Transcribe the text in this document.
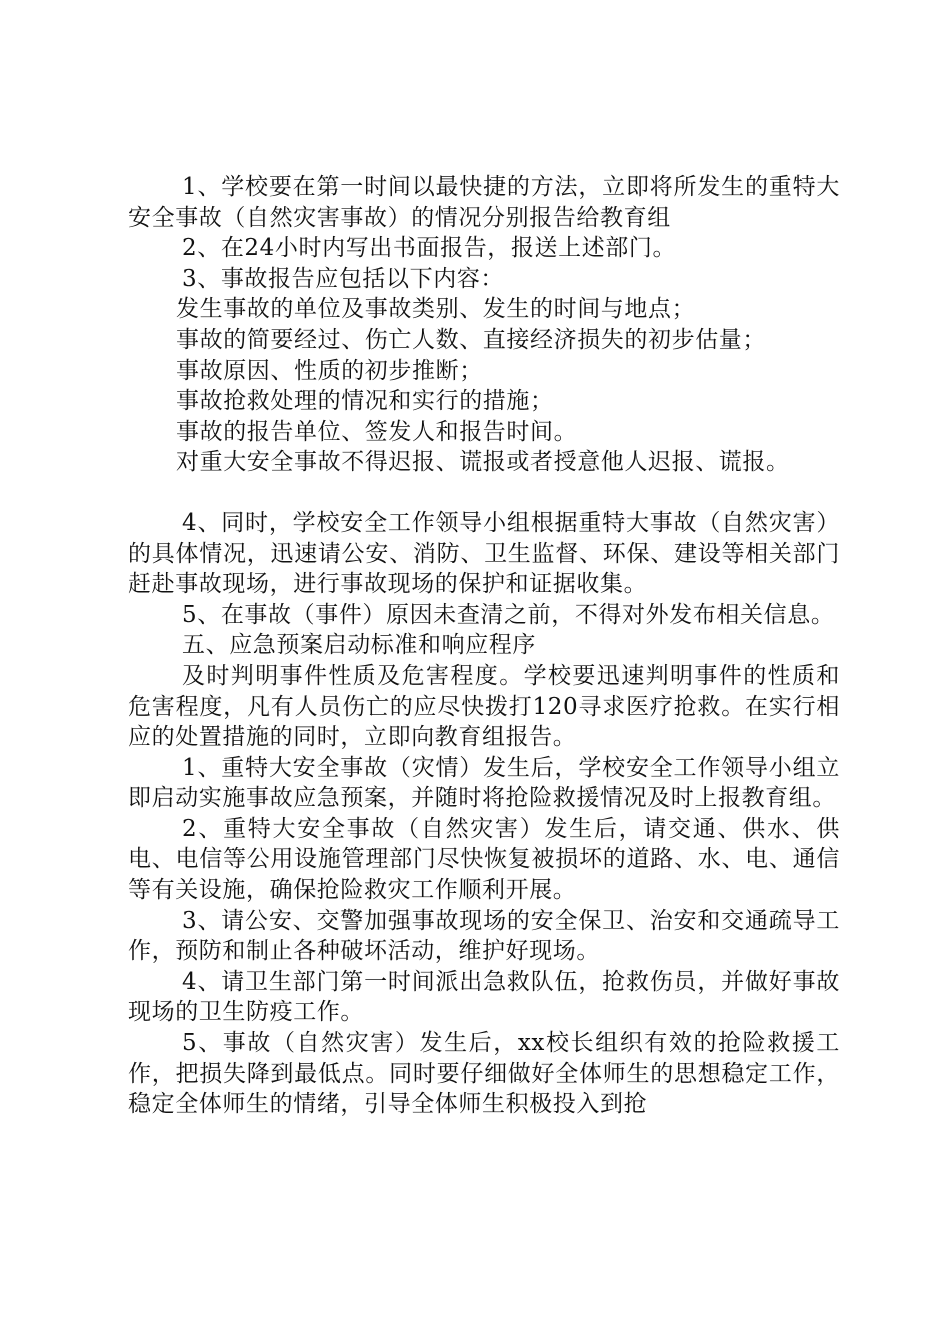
1、学校要在第一时间以最快捷的方法，立即将所发生的重特大安全事故（自然灾害事故）的情况分别报告给教育组

2、在24小时内写出书面报告，报送上述部门。

3、事故报告应包括以下内容：

发生事故的单位及事故类别、发生的时间与地点；

事故的简要经过、伤亡人数、直接经济损失的初步估量；

事故原因、性质的初步推断；

事故抢救处理的情况和实行的措施；

事故的报告单位、签发人和报告时间。

对重大安全事故不得迟报、谎报或者授意他人迟报、谎报。

4、同时，学校安全工作领导小组根据重特大事故（自然灾害）的具体情况，迅速请公安、消防、卫生监督、环保、建设等相关部门赶赴事故现场，进行事故现场的保护和证据收集。

5、在事故（事件）原因未查清之前，不得对外发布相关信息。

五、应急预案启动标准和响应程序

及时判明事件性质及危害程度。学校要迅速判明事件的性质和危害程度，凡有人员伤亡的应尽快拨打120寻求医疗抢救。在实行相应的处置措施的同时，立即向教育组报告。

1、重特大安全事故（灾情）发生后，学校安全工作领导小组立即启动实施事故应急预案，并随时将抢险救援情况及时上报教育组。

2、重特大安全事故（自然灾害）发生后，请交通、供水、供电、电信等公用设施管理部门尽快恢复被损坏的道路、水、电、通信等有关设施，确保抢险救灾工作顺利开展。

3、请公安、交警加强事故现场的安全保卫、治安和交通疏导工作，预防和制止各种破坏活动，维护好现场。

4、请卫生部门第一时间派出急救队伍，抢救伤员，并做好事故现场的卫生防疫工作。

5、事故（自然灾害）发生后，xx校长组织有效的抢险救援工作，把损失降到最低点。同时要仔细做好全体师生的思想稳定工作，稳定全体师生的情绪，引导全体师生积极投入到抢
